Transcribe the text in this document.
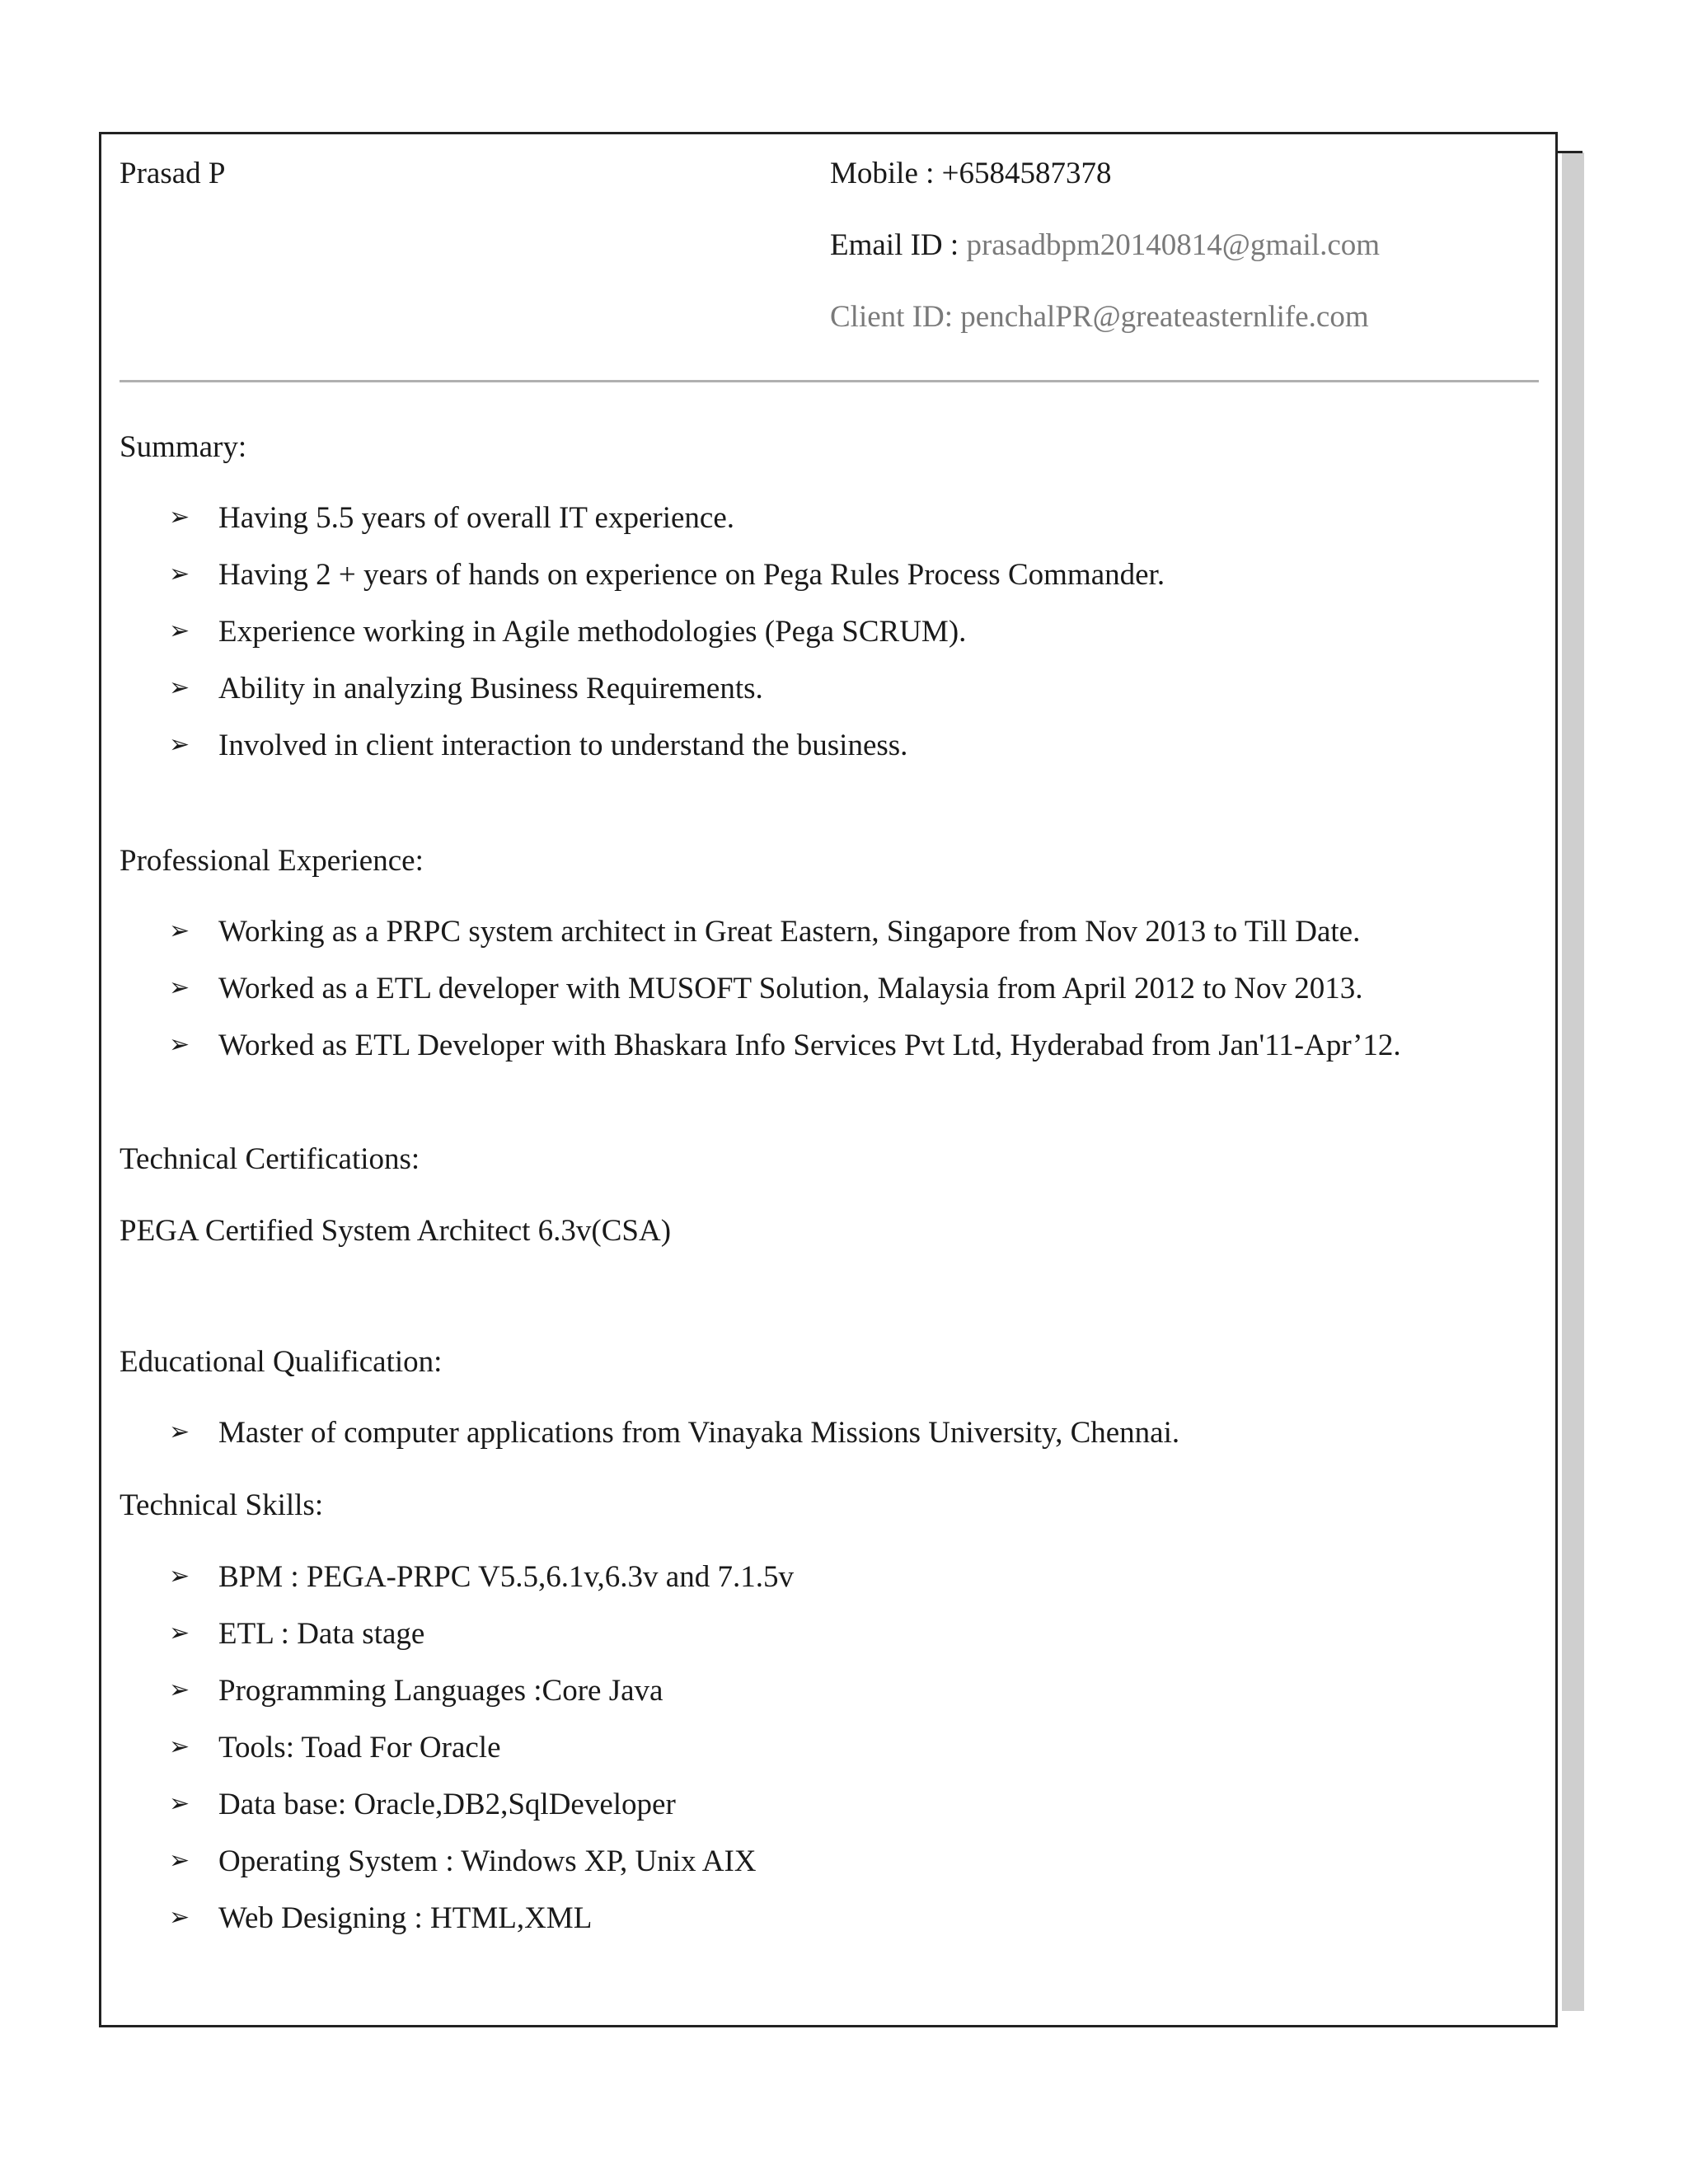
Prasad P	Mobile : +6584587378
Email ID : prasadbpm20140814@gmail.com
Client ID: penchalPR@greateasternlife.com
Summary:
➢ Having 5.5 years of overall IT experience.
➢ Having 2 + years of hands on experience on Pega Rules Process Commander.
➢ Experience working in Agile methodologies (Pega SCRUM).
➢ Ability in analyzing Business Requirements.
➢ Involved in client interaction to understand the business.
Professional Experience:
➢ Working as a PRPC system architect in Great Eastern, Singapore from Nov 2013 to Till Date.
➢ Worked as a ETL developer with MUSOFT Solution, Malaysia from April 2012 to Nov 2013.
➢ Worked as ETL Developer with Bhaskara Info Services Pvt Ltd, Hyderabad from Jan'11-Apr’12.
Technical Certifications:
PEGA Certified System Architect 6.3v(CSA)
Educational Qualification:
➢ Master of computer applications from Vinayaka Missions University, Chennai.
Technical Skills:
➢ BPM : PEGA-PRPC V5.5,6.1v,6.3v and 7.1.5v
➢ ETL : Data stage
➢ Programming Languages :Core Java
➢ Tools: Toad For Oracle
➢ Data base: Oracle,DB2,SqlDeveloper
➢ Operating System : Windows XP, Unix AIX
➢ Web Designing : HTML,XML
